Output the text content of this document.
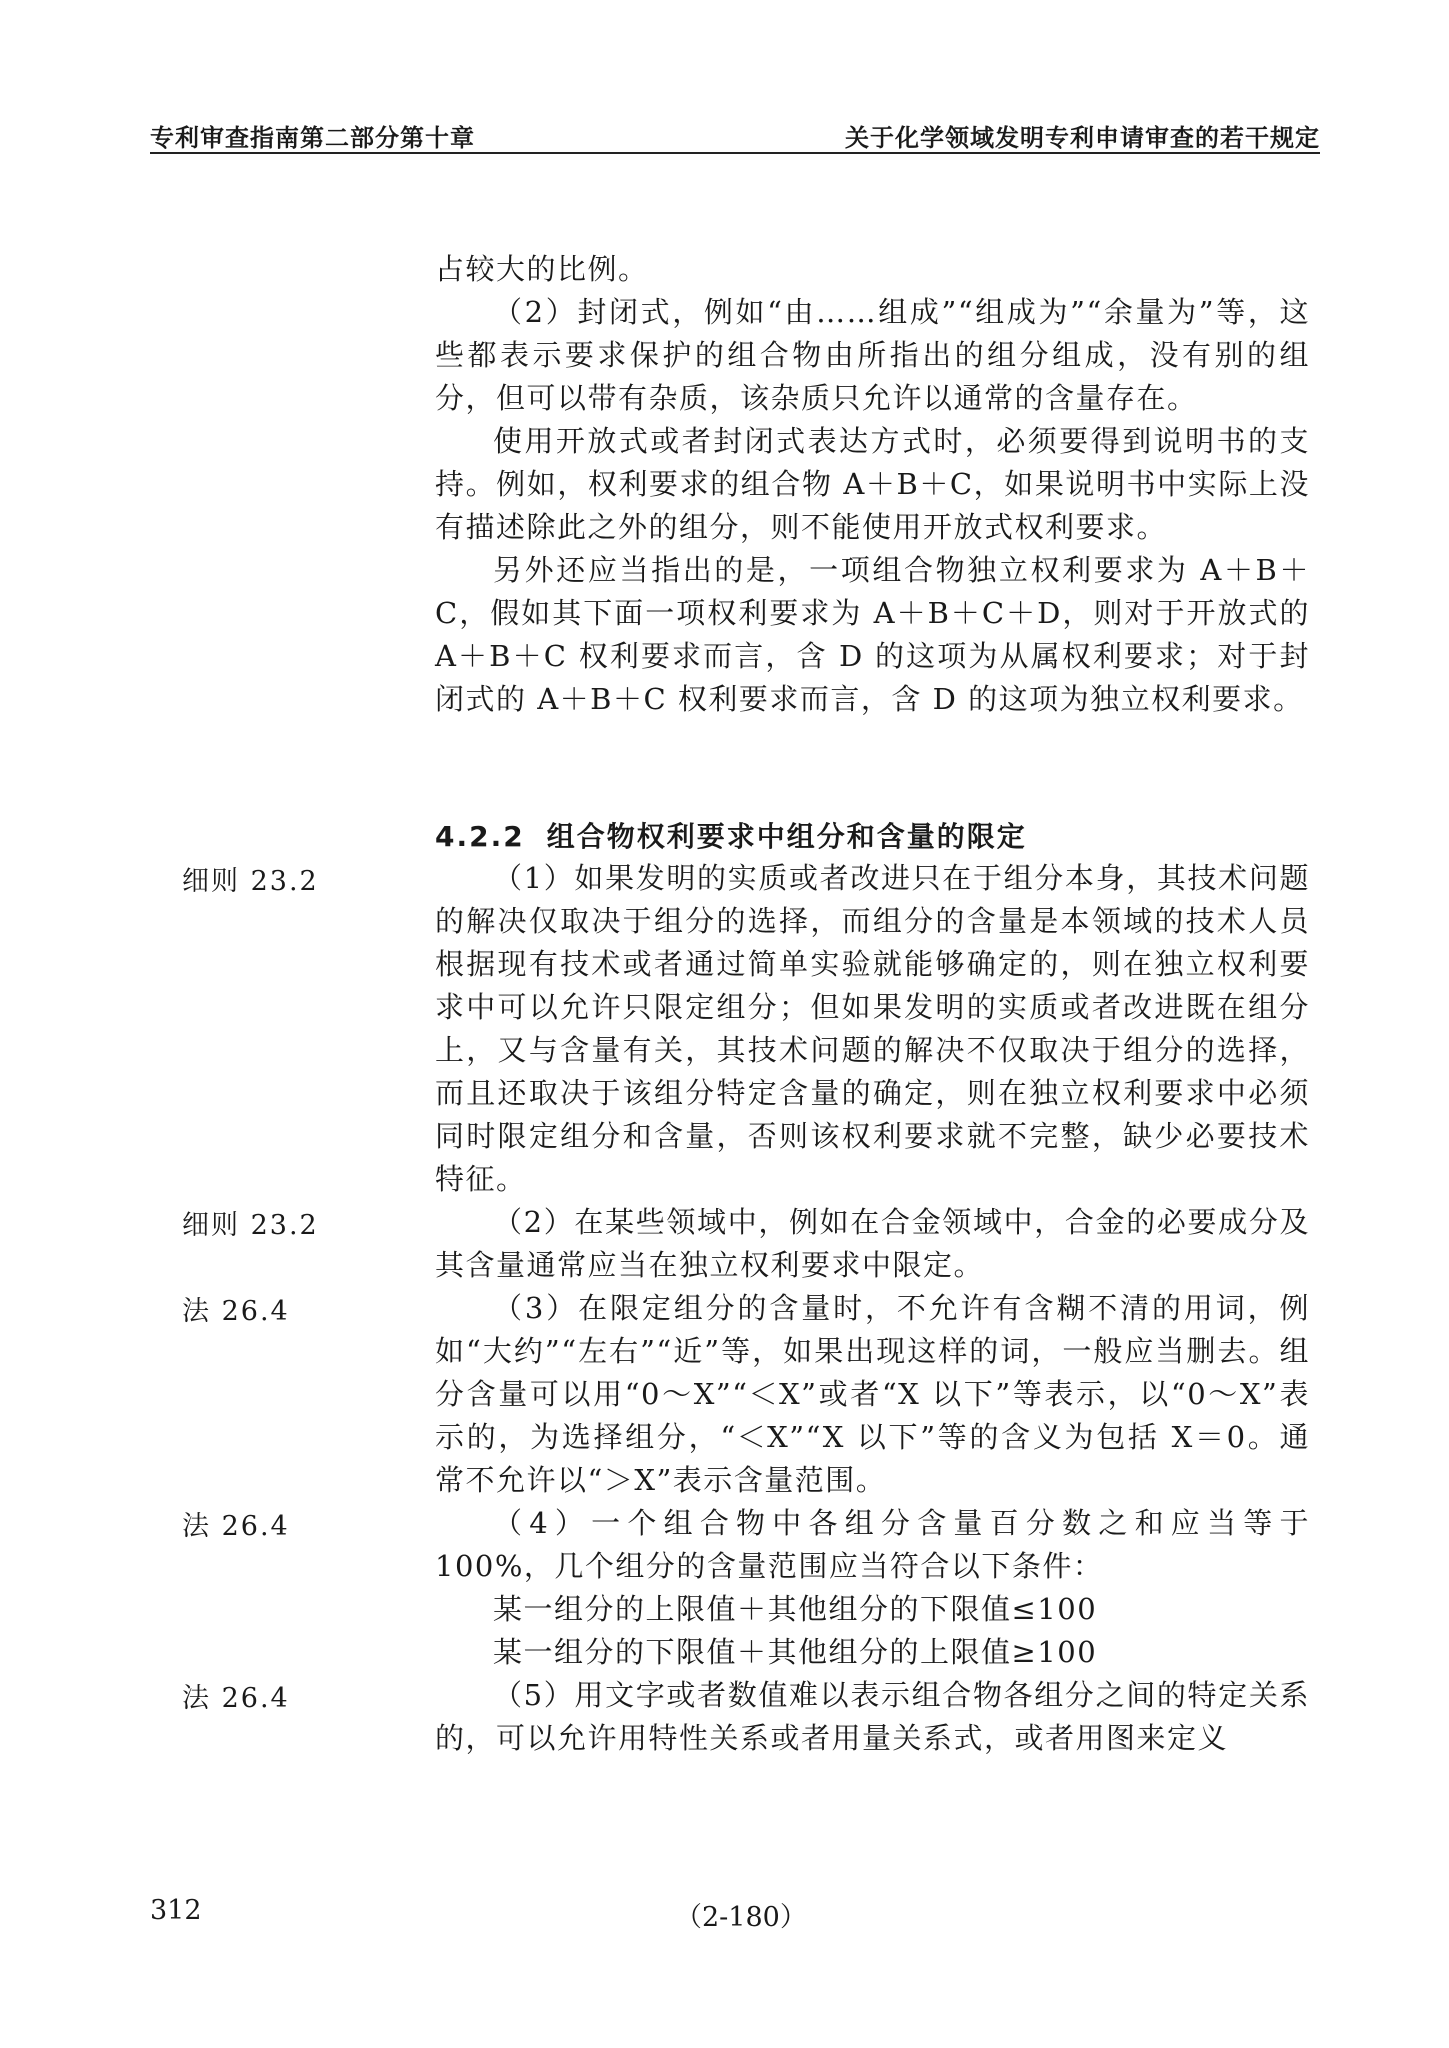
专利审查指南第二部分第十章	关于化学领域发明专利申请审查的若干规定

占较大的比例。

（2）封闭式，例如“由……组成”“组成为”“余量为”等，这些都表示要求保护的组合物由所指出的组分组成，没有别的组分，但可以带有杂质，该杂质只允许以通常的含量存在。

使用开放式或者封闭式表达方式时，必须要得到说明书的支持。例如，权利要求的组合物 A＋B＋C，如果说明书中实际上没有描述除此之外的组分，则不能使用开放式权利要求。

另外还应当指出的是，一项组合物独立权利要求为 A＋B＋C，假如其下面一项权利要求为 A＋B＋C＋D，则对于开放式的 A＋B＋C 权利要求而言，含 D 的这项为从属权利要求；对于封闭式的 A＋B＋C 权利要求而言，含 D 的这项为独立权利要求。

4.2.2 组合物权利要求中组分和含量的限定
细则 23.2
细则 23.2
法 26.4
法 26.4
法 26.4

（1）如果发明的实质或者改进只在于组分本身，其技术问题的解决仅取决于组分的选择，而组分的含量是本领域的技术人员根据现有技术或者通过简单实验就能够确定的，则在独立权利要求中可以允许只限定组分；但如果发明的实质或者改进既在组分上，又与含量有关，其技术问题的解决不仅取决于组分的选择，而且还取决于该组分特定含量的确定，则在独立权利要求中必须同时限定组分和含量，否则该权利要求就不完整，缺少必要技术特征。

（2）在某些领域中，例如在合金领域中，合金的必要成分及其含量通常应当在独立权利要求中限定。

（3）在限定组分的含量时，不允许有含糊不清的用词，例如“大约”“左右”“近”等，如果出现这样的词，一般应当删去。组分含量可以用“0～X”“＜X”或者“X 以下”等表示，以“0～X”表示的，为选择组分，“＜X”“X 以下”等的含义为包括 X＝0。通常不允许以“＞X”表示含量范围。

（4）一个组合物中各组分含量百分数之和应当等于 100%，几个组分的含量范围应当符合以下条件：

某一组分的上限值＋其他组分的下限值≤100

某一组分的下限值＋其他组分的上限值≥100

（5）用文字或者数值难以表示组合物各组分之间的特定关系的，可以允许用特性关系或者用量关系式，或者用图来定义

312	（2-180）
